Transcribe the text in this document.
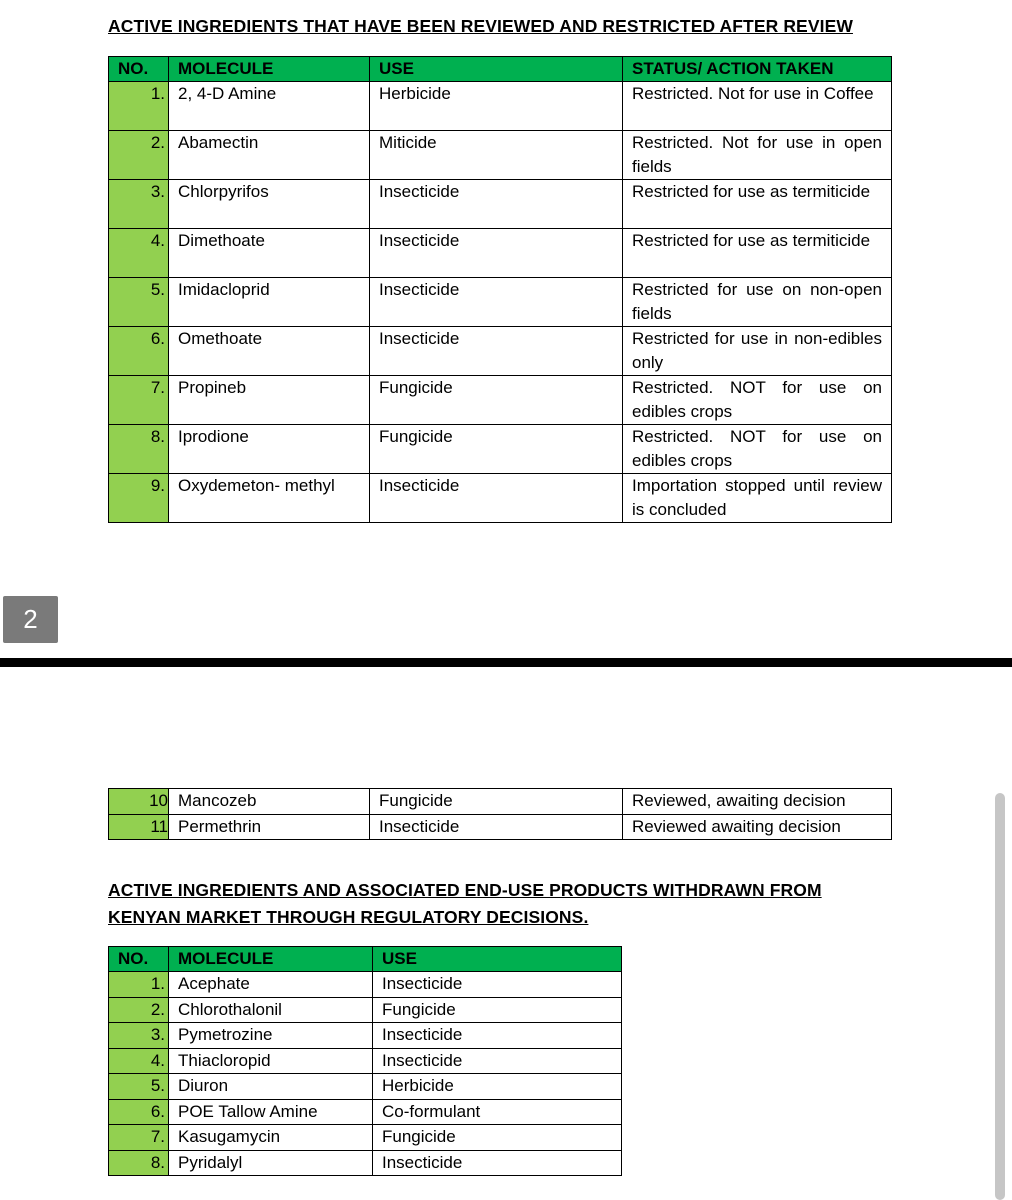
ACTIVE INGREDIENTS THAT HAVE BEEN REVIEWED AND RESTRICTED AFTER REVIEW
NO.	MOLECULE	USE	STATUS/ ACTION TAKEN
1.	2, 4-D Amine	Herbicide	Restricted. Not for use in Coffee
2.	Abamectin	Miticide	Restricted. Not for use in open fields
3.	Chlorpyrifos	Insecticide	Restricted for use as termiticide
4.	Dimethoate	Insecticide	Restricted for use as termiticide
5.	Imidacloprid	Insecticide	Restricted for use on non-open fields
6.	Omethoate	Insecticide	Restricted for use in non-edibles only
7.	Propineb	Fungicide	Restricted. NOT for use on edibles crops
8.	Iprodione	Fungicide	Restricted. NOT for use on edibles crops
9.	Oxydemeton- methyl	Insecticide	Importation stopped until review is concluded
2
10	Mancozeb	Fungicide	Reviewed, awaiting decision
11	Permethrin	Insecticide	Reviewed awaiting decision
ACTIVE INGREDIENTS AND ASSOCIATED END-USE PRODUCTS WITHDRAWN FROM
KENYAN MARKET THROUGH REGULATORY DECISIONS.
NO.	MOLECULE	USE
1.	Acephate	Insecticide
2.	Chlorothalonil	Fungicide
3.	Pymetrozine	Insecticide
4.	Thiacloropid	Insecticide
5.	Diuron	Herbicide
6.	POE Tallow Amine	Co-formulant
7.	Kasugamycin	Fungicide
8.	Pyridalyl	Insecticide
